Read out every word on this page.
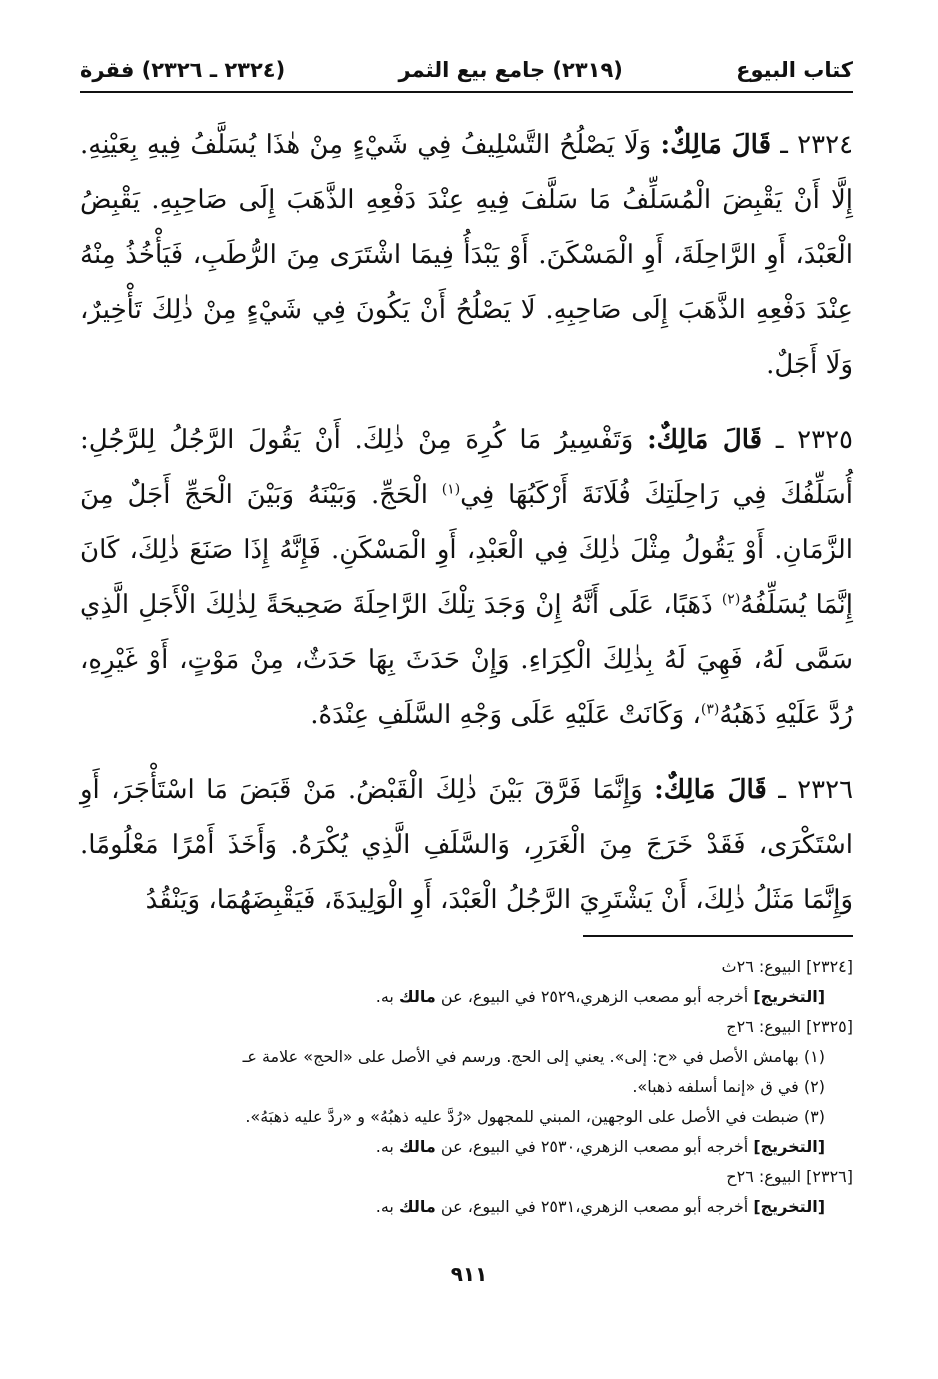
كتاب البيوع
(٢٣١٩) جامع بيع الثمر
(٢٣٢٤ ـ ٢٣٢٦) فقرة

٢٣٢٤ ـ قَالَ مَالِكٌ: وَلَا يَصْلُحُ التَّسْلِيفُ فِي شَيْءٍ مِنْ هٰذَا يُسَلَّفُ فِيهِ بِعَيْنِهِ. إِلَّا أَنْ يَقْبِضَ الْمُسَلِّفُ مَا سَلَّفَ فِيهِ عِنْدَ دَفْعِهِ الذَّهَبَ إِلَى صَاحِبِهِ. يَقْبِضُ الْعَبْدَ، أَوِ الرَّاحِلَةَ، أَوِ الْمَسْكَنَ. أَوْ يَبْدَأُ فِيمَا اشْتَرَى مِنَ الرُّطَبِ، فَيَأْخُذُ مِنْهُ عِنْدَ دَفْعِهِ الذَّهَبَ إِلَى صَاحِبِهِ. لَا يَصْلُحُ أَنْ يَكُونَ فِي شَيْءٍ مِنْ ذٰلِكَ تَأْخِيرٌ، وَلَا أَجَلٌ.

٢٣٢٥ ـ قَالَ مَالِكٌ: وَتَفْسِيرُ مَا كُرِهَ مِنْ ذٰلِكَ. أَنْ يَقُولَ الرَّجُلُ لِلرَّجُلِ: أُسَلِّفُكَ فِي رَاحِلَتِكَ فُلَانَةَ أَرْكَبُهَا فِي$^{(١)}$ الْحَجِّ. وَبَيْنَهُ وَبَيْنَ الْحَجِّ أَجَلٌ مِنَ الزَّمَانِ. أَوْ يَقُولُ مِثْلَ ذٰلِكَ فِي الْعَبْدِ، أَوِ الْمَسْكَنِ. فَإِنَّهُ إِذَا صَنَعَ ذٰلِكَ، كَانَ إِنَّمَا يُسَلِّفُهُ$^{(٢)}$ ذَهَبًا، عَلَى أَنَّهُ إِنْ وَجَدَ تِلْكَ الرَّاحِلَةَ صَحِيحَةً لِذٰلِكَ الْأَجَلِ الَّذِي سَمَّى لَهُ، فَهِيَ لَهُ بِذٰلِكَ الْكِرَاءِ. وَإِنْ حَدَثَ بِهَا حَدَثٌ، مِنْ مَوْتٍ، أَوْ غَيْرِهِ، رُدَّ عَلَيْهِ ذَهَبُهُ$^{(٣)}$، وَكَانَتْ عَلَيْهِ عَلَى وَجْهِ السَّلَفِ عِنْدَهُ.

٢٣٢٦ ـ قَالَ مَالِكٌ: وَإِنَّمَا فَرَّقَ بَيْنَ ذٰلِكَ الْقَبْضُ. مَنْ قَبَضَ مَا اسْتَأْجَرَ، أَوِ اسْتَكْرَى، فَقَدْ خَرَجَ مِنَ الْغَرَرِ، وَالسَّلَفِ الَّذِي يُكْرَهُ. وَأَخَذَ أَمْرًا مَعْلُومًا. وَإِنَّمَا مَثَلُ ذٰلِكَ، أَنْ يَشْتَرِيَ الرَّجُلُ الْعَبْدَ، أَوِ الْوَلِيدَةَ، فَيَقْبِضَهُمَا، وَيَنْقُدُ

[٢٣٢٤] البيوع: ٢٦ث

[التخريج] أخرجه أبو مصعب الزهري،٢٥٢٩ في البيوع، عن مالك به.

[٢٣٢٥] البيوع: ٢٦ج

(١) بهامش الأصل في «ح: إلى». يعني إلى الحج. ورسم في الأصل على «الحج» علامة عـ

(٢) في ق «إنما أسلفه ذهبا».

(٣) ضبطت في الأصل على الوجهين، المبني للمجهول «رُدَّ عليه ذهبُهُ» و «ردَّ عليه ذهبَهُ».

[التخريج] أخرجه أبو مصعب الزهري،٢٥٣٠ في البيوع، عن مالك به.

[٢٣٢٦] البيوع: ٢٦ح

[التخريج] أخرجه أبو مصعب الزهري،٢٥٣١ في البيوع، عن مالك به.

٩١١
